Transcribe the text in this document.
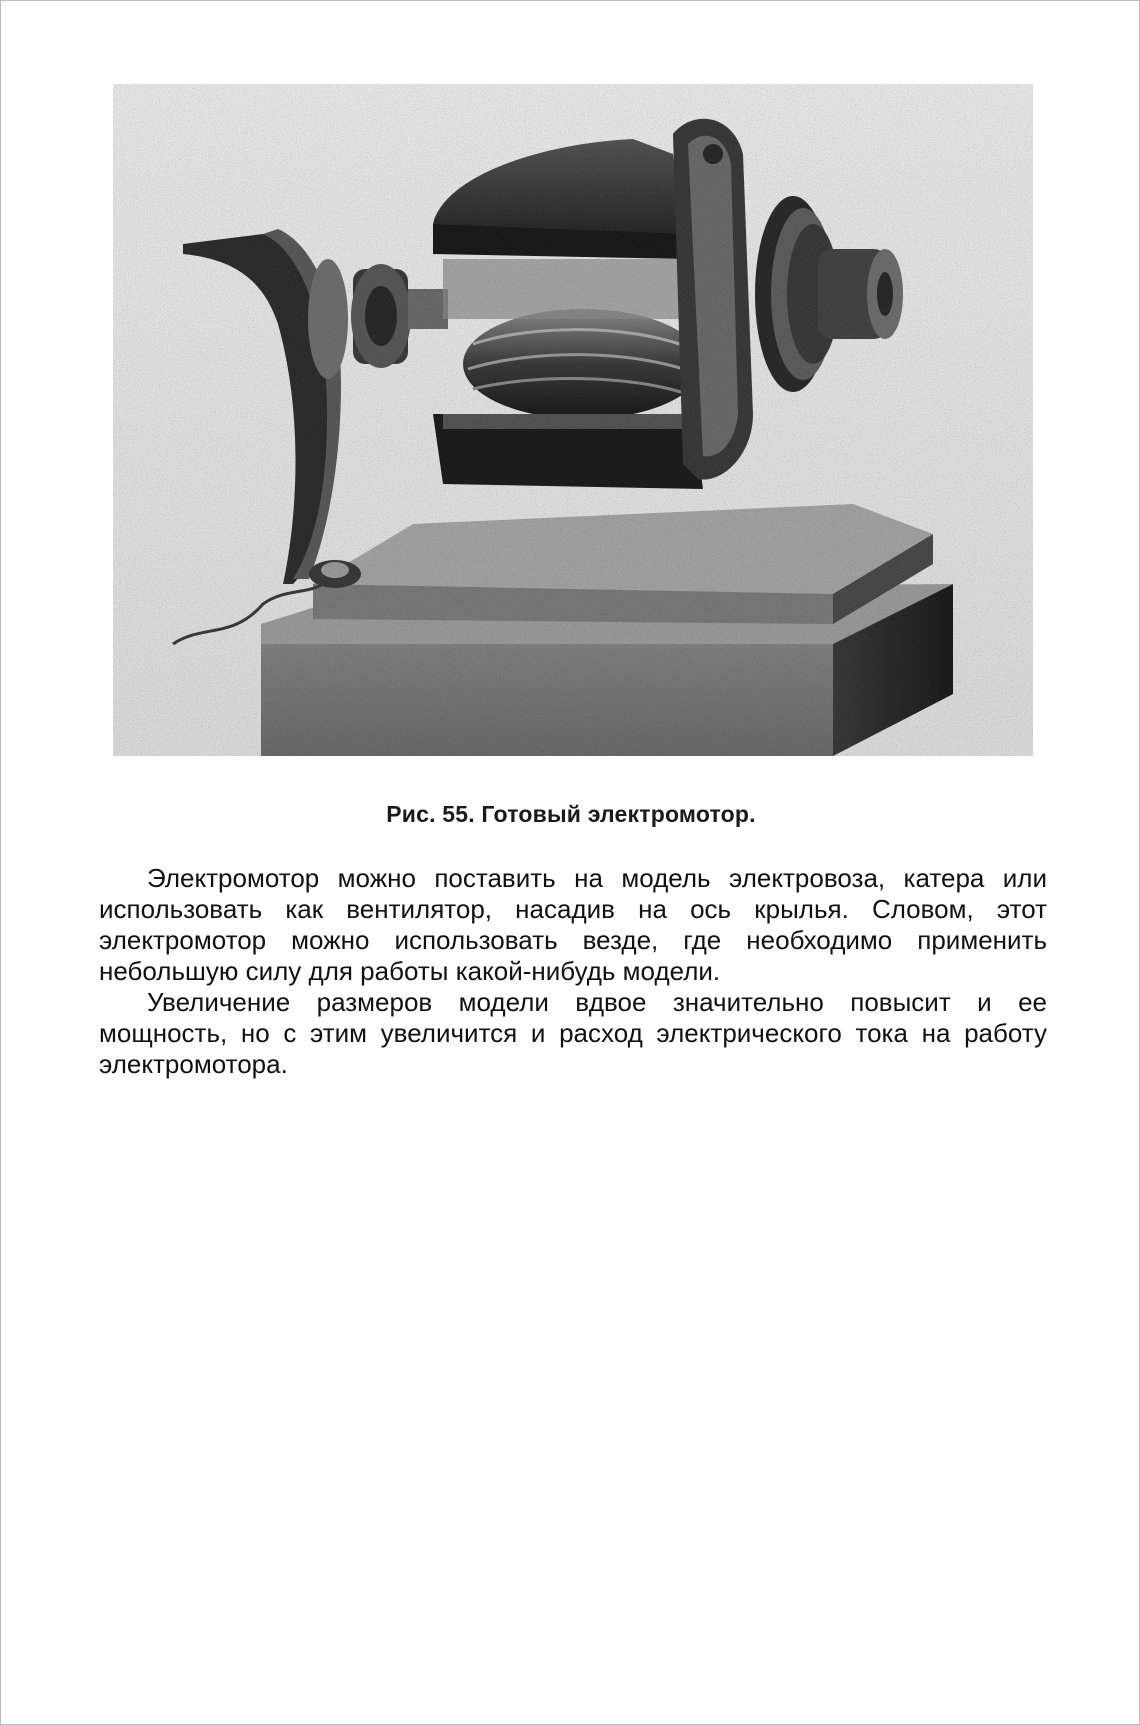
Рис. 55. Готовый электромотор.

Электромотор можно поставить на модель электровоза, катера или использовать как вентилятор, насадив на ось крылья. Словом, этот электромотор можно использовать везде, где необходимо применить небольшую силу для работы какой-нибудь модели.

Увеличение размеров модели вдвое значительно повысит и ее мощность, но с этим увеличится и расход электрического тока на работу электромотора.
